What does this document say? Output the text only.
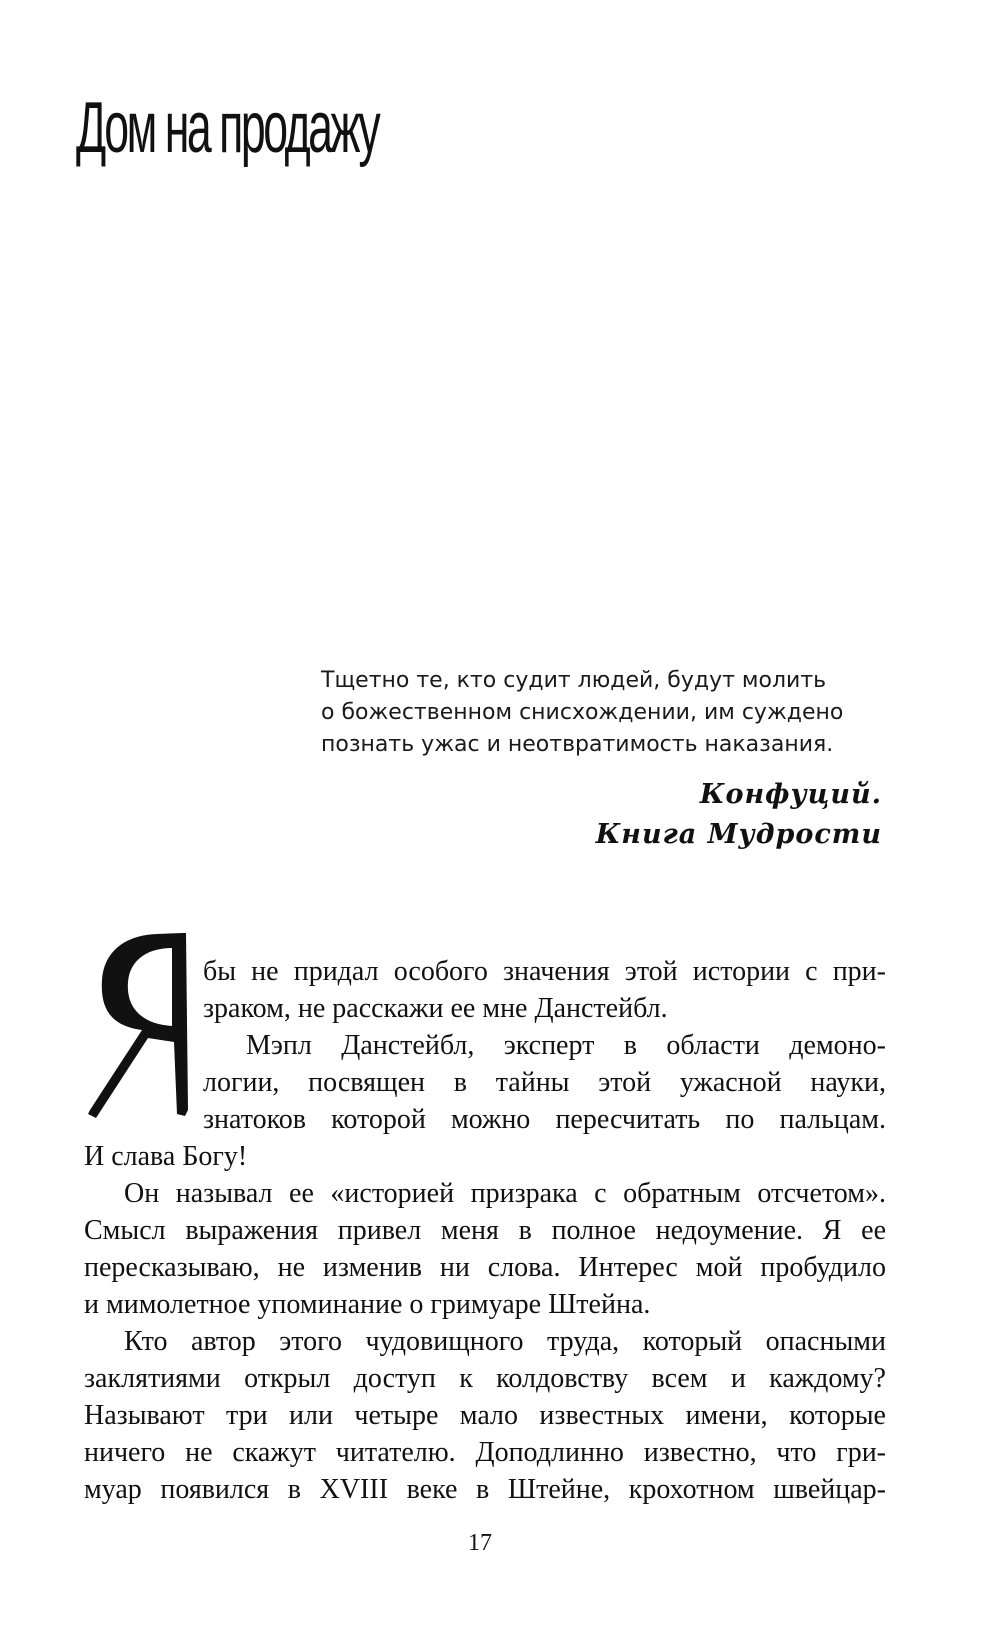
Дом на продажу
Тщетно те, кто судит людей, будут молить
о божественном снисхождении, им суждено
познать ужас и неотвратимость наказания.
Конфуций.
Книга Мудрости
бы не придал особого значения этой истории с при-
зраком, не расскажи ее мне Данстейбл.
Мэпл Данстейбл, эксперт в области демоно-
логии, посвящен в тайны этой ужасной науки,
знатоков которой можно пересчитать по пальцам.
И слава Богу!
Он называл ее «историей призрака с обратным отсчетом».
Смысл выражения привел меня в полное недоумение. Я ее
пересказываю, не изменив ни слова. Интерес мой пробудило
и мимолетное упоминание о гримуаре Штейна.
Кто автор этого чудовищного труда, который опасными
заклятиями открыл доступ к колдовству всем и каждому?
Называют три или четыре мало известных имени, которые
ничего не скажут читателю. Доподлинно известно, что гри-
муар появился в XVIII веке в Штейне, крохотном швейцар-
17
